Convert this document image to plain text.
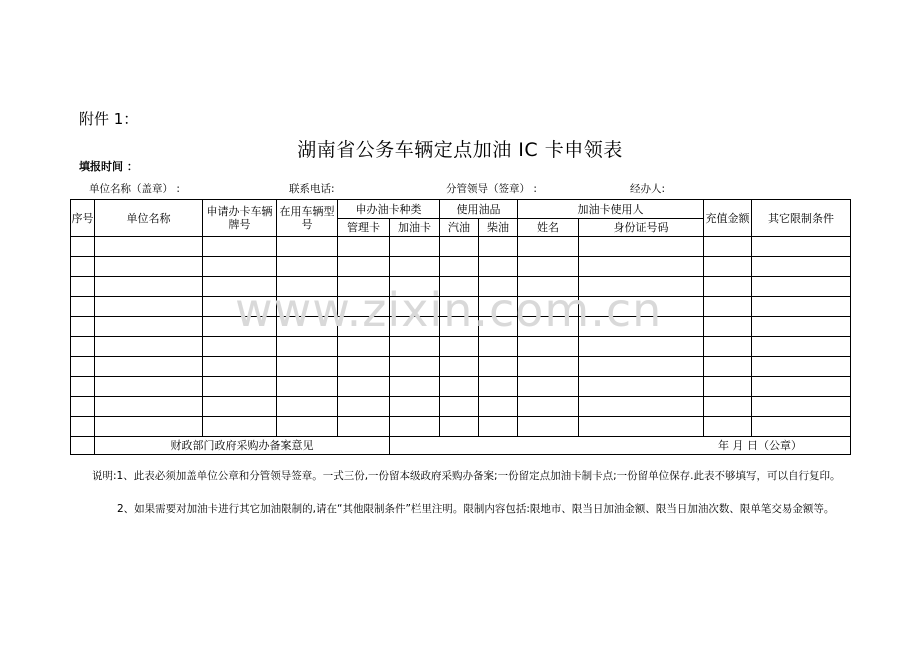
附件 1：
湖南省公务车辆定点加油 IC 卡申领表
填报时间 ：
单位名称（盖章） :	联系电话:	分管领导（签章） :	经办人:
序号	单位名称	申请办卡车辆牌号	在用车辆型号	申办油卡种类		使用油品		加油卡使用人		充值金额	其它限制条件
				管理卡	加油卡	汽油	柴油	姓名	身份证号码		

	财政部门政府采购办备案意见				年 月 日（公章）						
www.zixin.com.cn
说明:1、此表必须加盖单位公章和分管领导签章。一式三份,一份留本级政府采购办备案;一份留定点加油卡制卡点;一份留单位保存.此表不够填写，可以自行复印。
2、如果需要对加油卡进行其它加油限制的,请在“其他限制条件”栏里注明。限制内容包括:限地市、限当日加油金额、限当日加油次数、限单笔交易金额等。
